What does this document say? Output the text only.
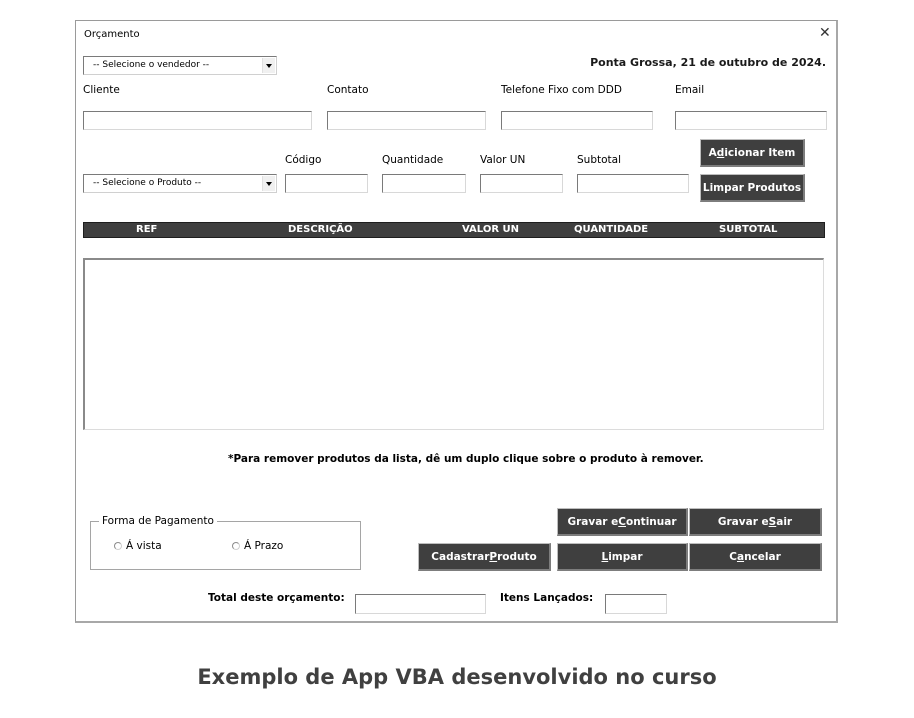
Orçamento	✕
-- Selecione o vendedor --	Ponta Grossa, 21 de outubro de 2024.
Cliente	Contato	Telefone Fixo com DDD	Email
Código	Quantidade	Valor UN	Subtotal
-- Selecione o Produto --
A d icionar Item
Limpar Produtos
REF	DESCRIÇÃO	VALOR UN	QUANTIDADE	SUBTOTAL
*Para remover produtos da lista, dê um duplo clique sobre o produto à remover.
Forma de Pagamento
Á vista	Á Prazo
Gravar e C ontinuar	Gravar e S air
Cadastrar P roduto	L impar	C a ncelar
Total deste orçamento:	Itens Lançados:
Exemplo de App VBA desenvolvido no curso
